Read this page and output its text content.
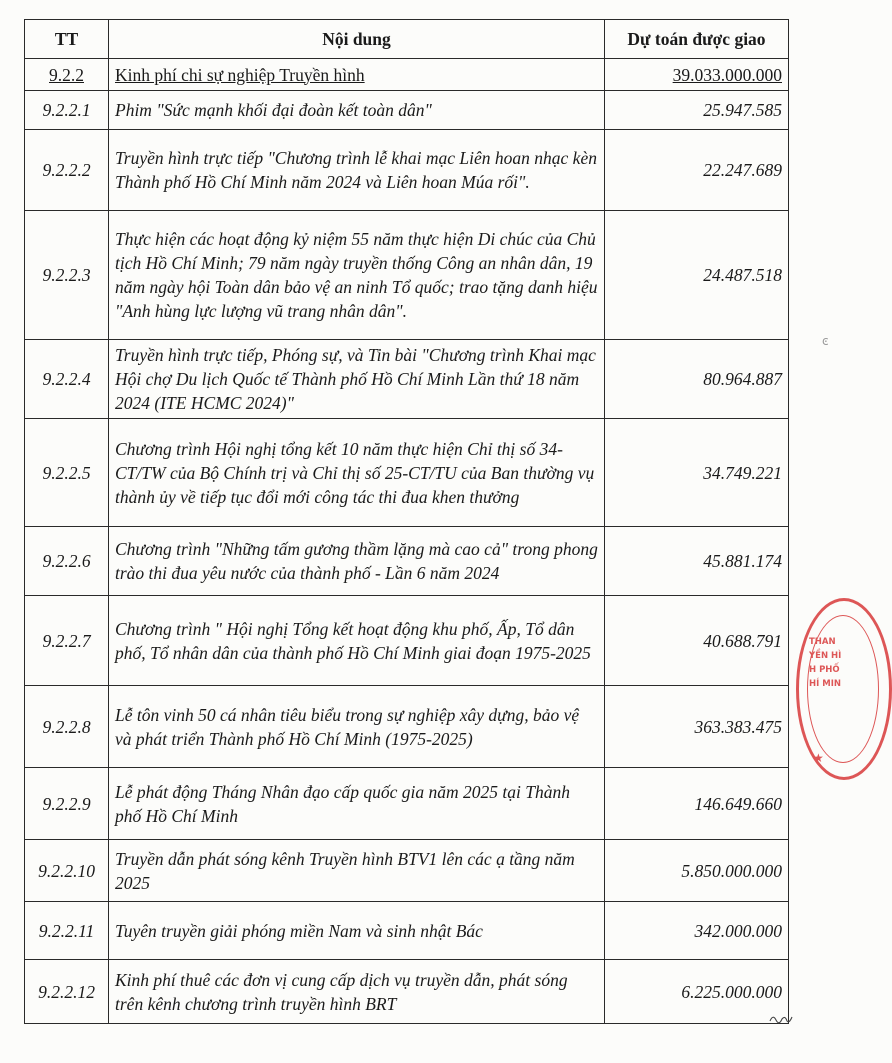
TT	Nội dung	Dự toán được giao
9.2.2	Kinh phí chi sự nghiệp Truyền hình	39.033.000.000
9.2.2.1	Phim "Sức mạnh khối đại đoàn kết toàn dân"	25.947.585
9.2.2.2	Truyền hình trực tiếp "Chương trình lễ khai mạc Liên hoan nhạc kèn Thành phố Hồ Chí Minh năm 2024 và Liên hoan Múa rối".	22.247.689
9.2.2.3	Thực hiện các hoạt động kỷ niệm 55 năm thực hiện Di chúc của Chủ tịch Hồ Chí Minh; 79 năm ngày truyền thống Công an nhân dân, 19 năm ngày hội Toàn dân bảo vệ an ninh Tổ quốc; trao tặng danh hiệu "Anh hùng lực lượng vũ trang nhân dân".	24.487.518
9.2.2.4	Truyền hình trực tiếp, Phóng sự, và Tin bài "Chương trình Khai mạc Hội chợ Du lịch Quốc tế Thành phố Hồ Chí Minh Lần thứ 18 năm 2024 (ITE HCMC 2024)"	80.964.887
9.2.2.5	Chương trình Hội nghị tổng kết 10 năm thực hiện Chỉ thị số 34-CT/TW của Bộ Chính trị và Chỉ thị số 25-CT/TU của Ban thường vụ thành ủy về tiếp tục đổi mới công tác thi đua khen thưởng	34.749.221
9.2.2.6	Chương trình "Những tấm gương thầm lặng mà cao cả" trong phong trào thi đua yêu nước của thành phố - Lần 6 năm 2024	45.881.174
9.2.2.7	Chương trình " Hội nghị Tổng kết hoạt động khu phố, Ấp, Tổ dân phố, Tổ nhân dân của thành phố Hồ Chí Minh giai đoạn 1975-2025	40.688.791
9.2.2.8	Lễ tôn vinh 50 cá nhân tiêu biểu trong sự nghiệp xây dựng, bảo vệ và phát triển Thành phố Hồ Chí Minh (1975-2025)	363.383.475
9.2.2.9	Lễ phát động Tháng Nhân đạo cấp quốc gia năm 2025 tại Thành phố Hồ Chí Minh	146.649.660
9.2.2.10	Truyền dẫn phát sóng kênh Truyền hình BTV1 lên các ạ tầng năm 2025	5.850.000.000
9.2.2.11	Tuyên truyền giải phóng miền Nam và sinh nhật Bác	342.000.000
9.2.2.12	Kinh phí thuê các đơn vị cung cấp dịch vụ truyền dẫn, phát sóng trên kênh chương trình truyền hình BRT	6.225.000.000
THAN
YỀN HÌ
H PHỐ
HÍ MIN
★
ͼ
